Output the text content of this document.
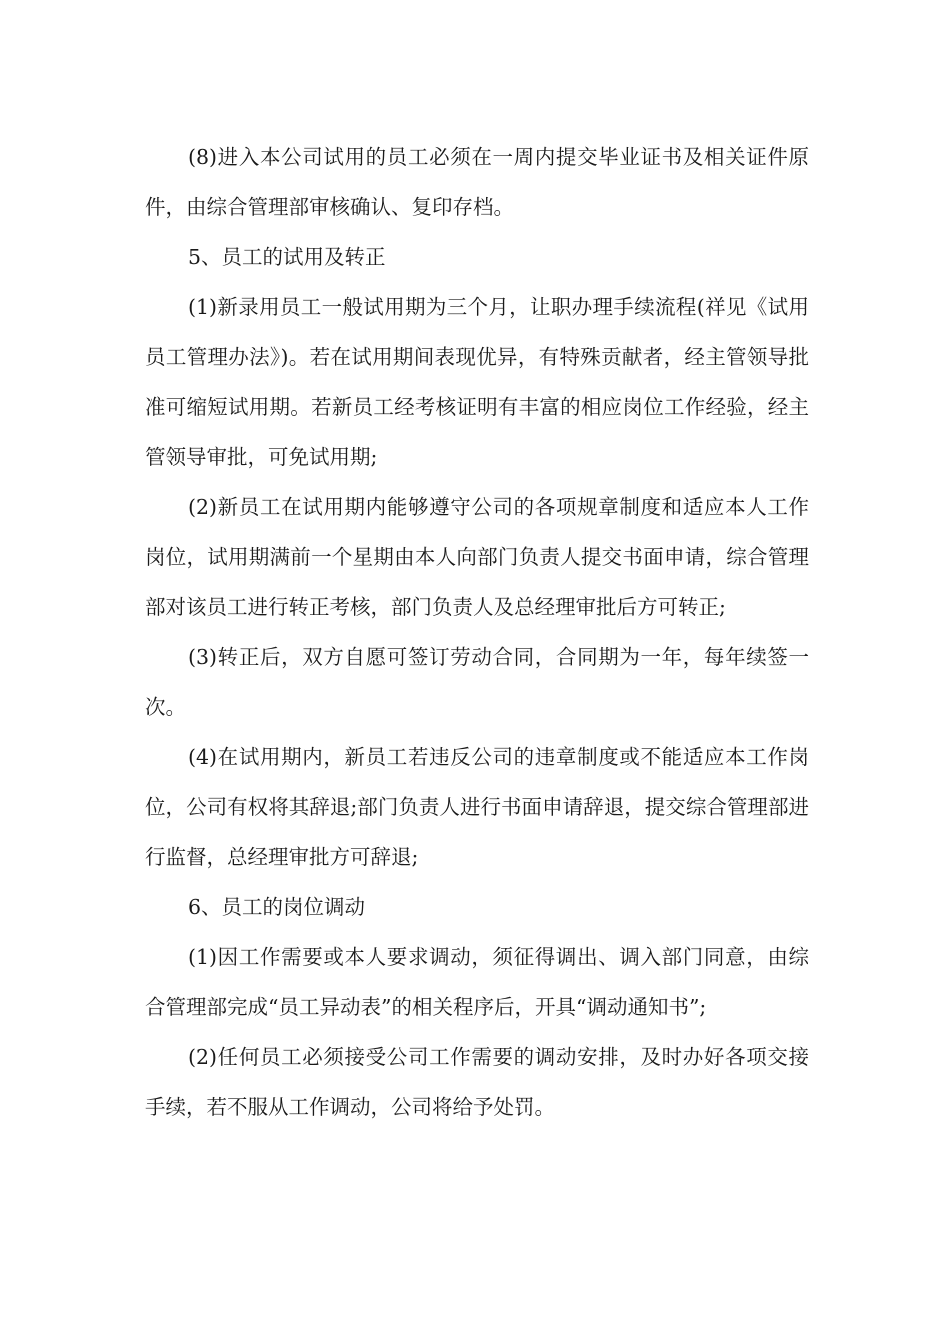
(8)进入本公司试用的员工必须在一周内提交毕业证书及相关证件原件，由综合管理部审核确认、复印存档。

5、员工的试用及转正

(1)新录用员工一般试用期为三个月，让职办理手续流程(祥见《试用员工管理办法》)。若在试用期间表现优异，有特殊贡献者，经主管领导批准可缩短试用期。若新员工经考核证明有丰富的相应岗位工作经验，经主管领导审批，可免试用期;

(2)新员工在试用期内能够遵守公司的各项规章制度和适应本人工作岗位，试用期满前一个星期由本人向部门负责人提交书面申请，综合管理部对该员工进行转正考核，部门负责人及总经理审批后方可转正;

(3)转正后，双方自愿可签订劳动合同，合同期为一年，每年续签一次。

(4)在试用期内，新员工若违反公司的违章制度或不能适应本工作岗位，公司有权将其辞退;部门负责人进行书面申请辞退，提交综合管理部进行监督，总经理审批方可辞退;

6、员工的岗位调动

(1)因工作需要或本人要求调动，须征得调出、调入部门同意，由综合管理部完成“员工异动表”的相关程序后，开具“调动通知书”;

(2)任何员工必须接受公司工作需要的调动安排，及时办好各项交接手续，若不服从工作调动，公司将给予处罚。
